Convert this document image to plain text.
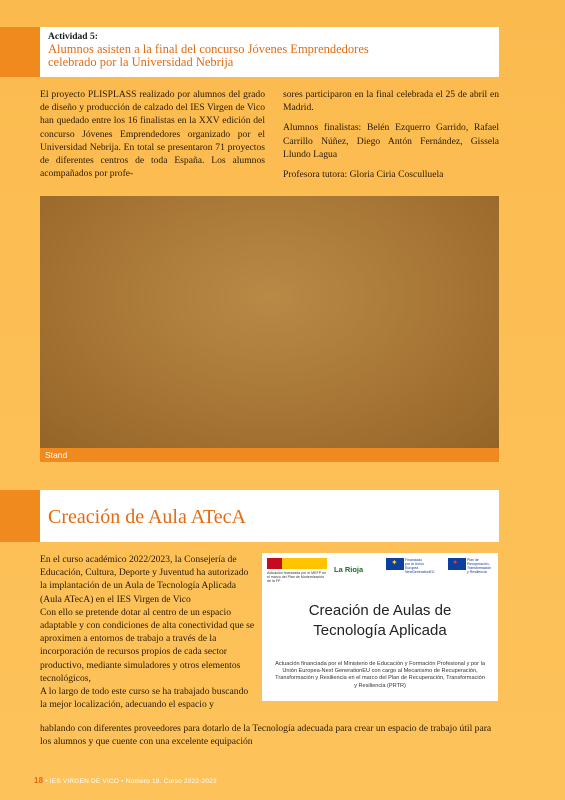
Actividad 5:
Alumnos asisten a la final del concurso Jóvenes Emprendedores
celebrado por la Universidad Nebrija

El proyecto PLISPLASS realizado por alumnos del grado de diseño y producción de calzado del IES Virgen de Vico han quedado entre los 16 finalistas en la XXV edición del concurso Jóvenes Emprendedores organizado por el Universidad Nebrija. En total se presentaron 71 proyectos de diferentes centros de toda España. Los alumnos acompañados por profe-

sores participaron en la final celebrada el 25 de abril en Madrid.

Alumnos finalistas: Belén Ezquerro Garrido, Rafael Carrillo Núñez, Diego Antón Fernández, Gissela Llundo Lagua

Profesora tutora: Gloria Ciria Cosculluela

Stand
Creación de Aula ATecA

En el curso académico 2022/2023, la Consejería de Educación, Cultura, Deporte y Juventud ha autorizado la implantación de un Aula de Tecnología Aplicada (Aula ATecA) en el IES Virgen de Vico

Con ello se pretende dotar al centro de un espacio adaptable y con condiciones de alta conectividad que se aproximen a entornos de trabajo a través de la incorporación de recursos propios de cada sector productivo, mediante simuladores y otros elementos tecnológicos,

A lo largo de todo este curso se ha trabajado buscando la mejor localización, adecuando el espacio y

hablando con diferentes proveedores para dotarlo de la Tecnología adecuada para crear un espacio de trabajo útil para los alumnos y que cuente con una excelente equipación

Actuación financiada por el MEFP en el marco del Plan de Modernización de la FP
La Rioja
✦Financiado por la Unión Europea NextGenerationEU
●Plan de Recuperación, Transformación y Resiliencia
Creación de Aulas de
Tecnología Aplicada
Actuación financiada por el Ministerio de Educación y Formación Profesional y por la Unión Europea-Next GenerationEU con cargo al Mecanismo de Recuperación, Transformación y Resiliencia en el marco del Plan de Recuperación, Transformación y Resiliencia (PRTR)
18 • IES VIRGEN DE VICO • Número 19. Curso 2022-2023
